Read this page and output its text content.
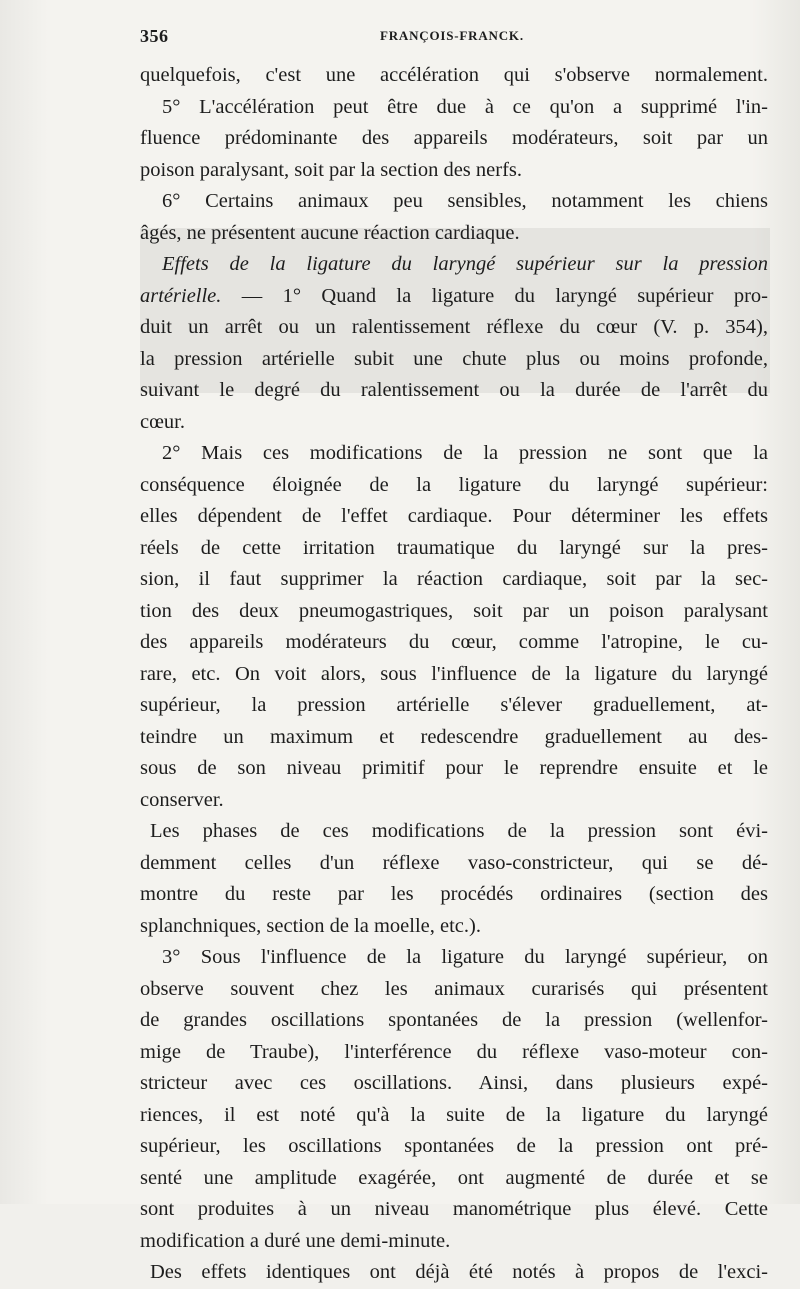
356	FRANÇOIS-FRANCK.
quelquefois, c'est une accélération qui s'observe normalement.
5° L'accélération peut être due à ce qu'on a supprimé l'in-
fluence prédominante des appareils modérateurs, soit par un
poison paralysant, soit par la section des nerfs.
6° Certains animaux peu sensibles, notamment les chiens
âgés, ne présentent aucune réaction cardiaque.
Effets de la ligature du laryngé supérieur sur la pression
artérielle. — 1° Quand la ligature du laryngé supérieur pro-
duit un arrêt ou un ralentissement réflexe du cœur (V. p. 354),
la pression artérielle subit une chute plus ou moins profonde,
suivant le degré du ralentissement ou la durée de l'arrêt du
cœur.
2° Mais ces modifications de la pression ne sont que la
conséquence éloignée de la ligature du laryngé supérieur:
elles dépendent de l'effet cardiaque. Pour déterminer les effets
réels de cette irritation traumatique du laryngé sur la pres-
sion, il faut supprimer la réaction cardiaque, soit par la sec-
tion des deux pneumogastriques, soit par un poison paralysant
des appareils modérateurs du cœur, comme l'atropine, le cu-
rare, etc. On voit alors, sous l'influence de la ligature du laryngé
supérieur, la pression artérielle s'élever graduellement, at-
teindre un maximum et redescendre graduellement au des-
sous de son niveau primitif pour le reprendre ensuite et le
conserver.
Les phases de ces modifications de la pression sont évi-
demment celles d'un réflexe vaso-constricteur, qui se dé-
montre du reste par les procédés ordinaires (section des
splanchniques, section de la moelle, etc.).
3° Sous l'influence de la ligature du laryngé supérieur, on
observe souvent chez les animaux curarisés qui présentent
de grandes oscillations spontanées de la pression (wellenfor-
mige de Traube), l'interférence du réflexe vaso-moteur con-
stricteur avec ces oscillations. Ainsi, dans plusieurs expé-
riences, il est noté qu'à la suite de la ligature du laryngé
supérieur, les oscillations spontanées de la pression ont pré-
senté une amplitude exagérée, ont augmenté de durée et se
sont produites à un niveau manométrique plus élevé. Cette
modification a duré une demi-minute.
Des effets identiques ont déjà été notés à propos de l'exci-
